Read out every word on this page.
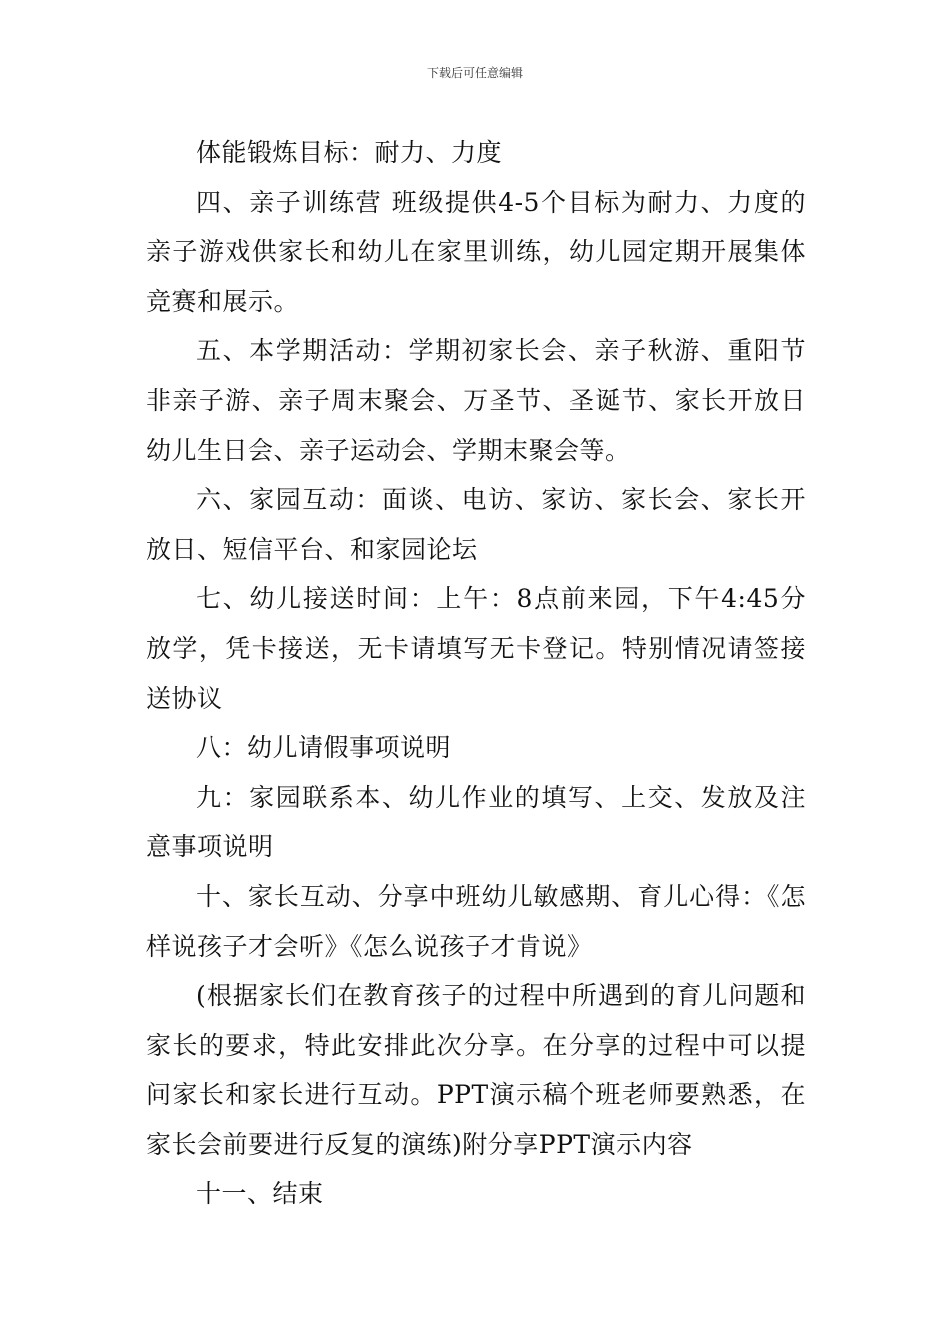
下载后可任意编辑

体能锻炼目标：耐力、力度

四、亲子训练营 班级提供4-5个目标为耐力、力度的亲子游戏供家长和幼儿在家里训练，幼儿园定期开展集体竞赛和展示。

五、本学期活动：学期初家长会、亲子秋游、重阳节非亲子游、亲子周末聚会、万圣节、圣诞节、家长开放日幼儿生日会、亲子运动会、学期末聚会等。

六、家园互动：面谈、电访、家访、家长会、家长开放日、短信平台、和家园论坛

七、幼儿接送时间：上午：8点前来园，下午4:45分放学，凭卡接送，无卡请填写无卡登记。特别情况请签接送协议

八：幼儿请假事项说明

九：家园联系本、幼儿作业的填写、上交、发放及注意事项说明

十、家长互动、分享中班幼儿敏感期、育儿心得：《怎样说孩子才会听》《怎么说孩子才肯说》

(根据家长们在教育孩子的过程中所遇到的育儿问题和家长的要求，特此安排此次分享。在分享的过程中可以提问家长和家长进行互动。PPT演示稿个班老师要熟悉，在家长会前要进行反复的演练)附分享PPT演示内容

十一、结束
